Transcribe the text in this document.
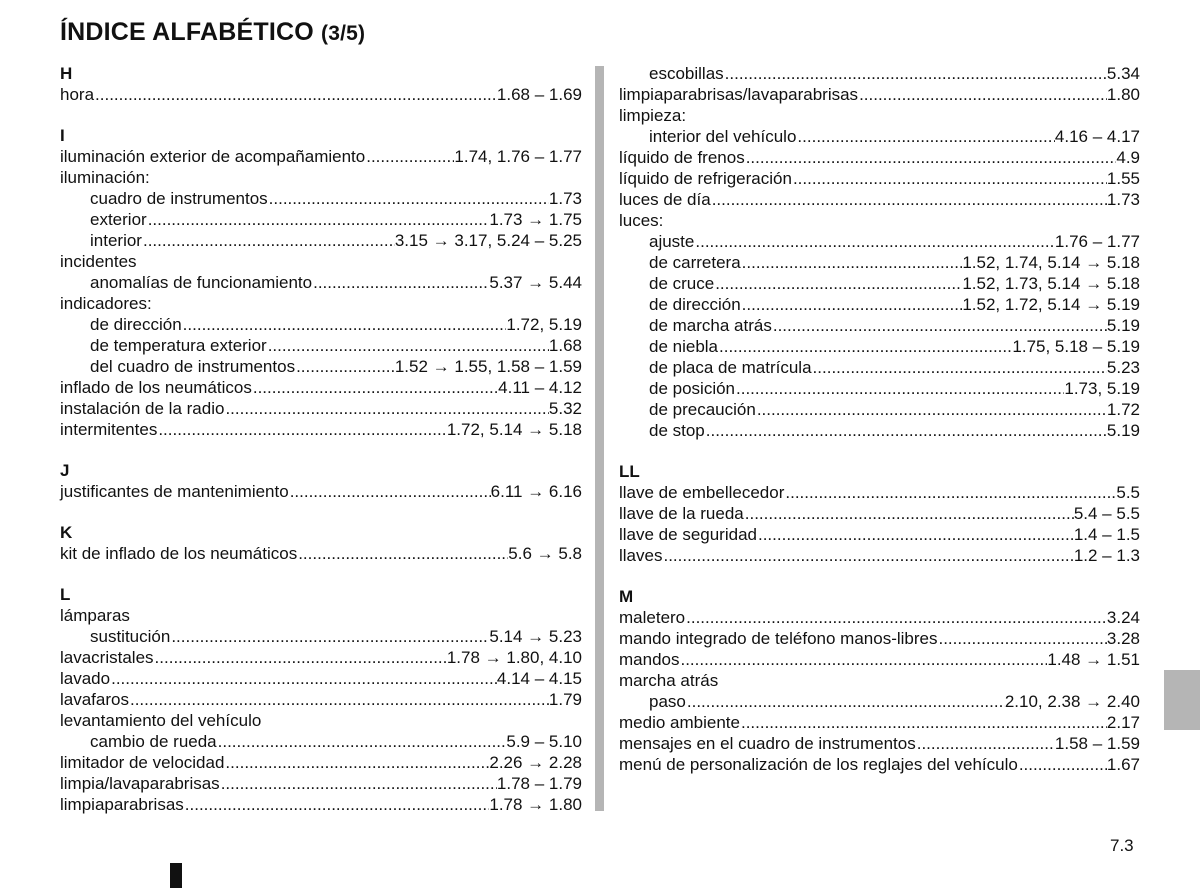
ÍNDICE ALFABÉTICO (3/5)
H
hora .....	1.68 – 1.69
I
iluminación exterior de acompañamiento .....	1.74, 1.76 – 1.77
iluminación:
cuadro de instrumentos .....	1.73
exterior .....	1.73 → 1.75
interior .....	3.15 → 3.17, 5.24 – 5.25
incidentes
anomalías de funcionamiento .....	5.37 → 5.44
indicadores:
de dirección .....	1.72, 5.19
de temperatura exterior .....	1.68
del cuadro de instrumentos .....	1.52 → 1.55, 1.58 – 1.59
inflado de los neumáticos .....	4.11 – 4.12
instalación de la radio .....	5.32
intermitentes .....	1.72, 5.14 → 5.18
J
justificantes de mantenimiento .....	6.11 → 6.16
K
kit de inflado de los neumáticos .....	5.6 → 5.8
L
lámparas
sustitución .....	5.14 → 5.23
lavacristales .....	1.78 → 1.80, 4.10
lavado .....	4.14 – 4.15
lavafaros .....	1.79
levantamiento del vehículo
cambio de rueda .....	5.9 – 5.10
limitador de velocidad .....	2.26 → 2.28
limpia/lavaparabrisas .....	1.78 – 1.79
limpiaparabrisas .....	1.78 → 1.80
escobillas .....	5.34
limpiaparabrisas/lavaparabrisas .....	1.80
limpieza:
interior del vehículo .....	4.16 – 4.17
líquido de frenos .....	4.9
líquido de refrigeración .....	1.55
luces de día .....	1.73
luces:
ajuste .....	1.76 – 1.77
de carretera .....	1.52, 1.74, 5.14 → 5.18
de cruce .....	1.52, 1.73, 5.14 → 5.18
de dirección .....	1.52, 1.72, 5.14 → 5.19
de marcha atrás .....	5.19
de niebla .....	1.75, 5.18 – 5.19
de placa de matrícula .....	5.23
de posición .....	1.73, 5.19
de precaución .....	1.72
de stop .....	5.19
LL
llave de embellecedor .....	5.5
llave de la rueda .....	5.4 – 5.5
llave de seguridad .....	1.4 – 1.5
llaves .....	1.2 – 1.3
M
maletero .....	3.24
mando integrado de teléfono manos-libres .....	3.28
mandos .....	1.48 → 1.51
marcha atrás
paso .....	2.10, 2.38 → 2.40
medio ambiente .....	2.17
mensajes en el cuadro de instrumentos .....	1.58 – 1.59
menú de personalización de los reglajes del vehículo .....	1.67
7.3
